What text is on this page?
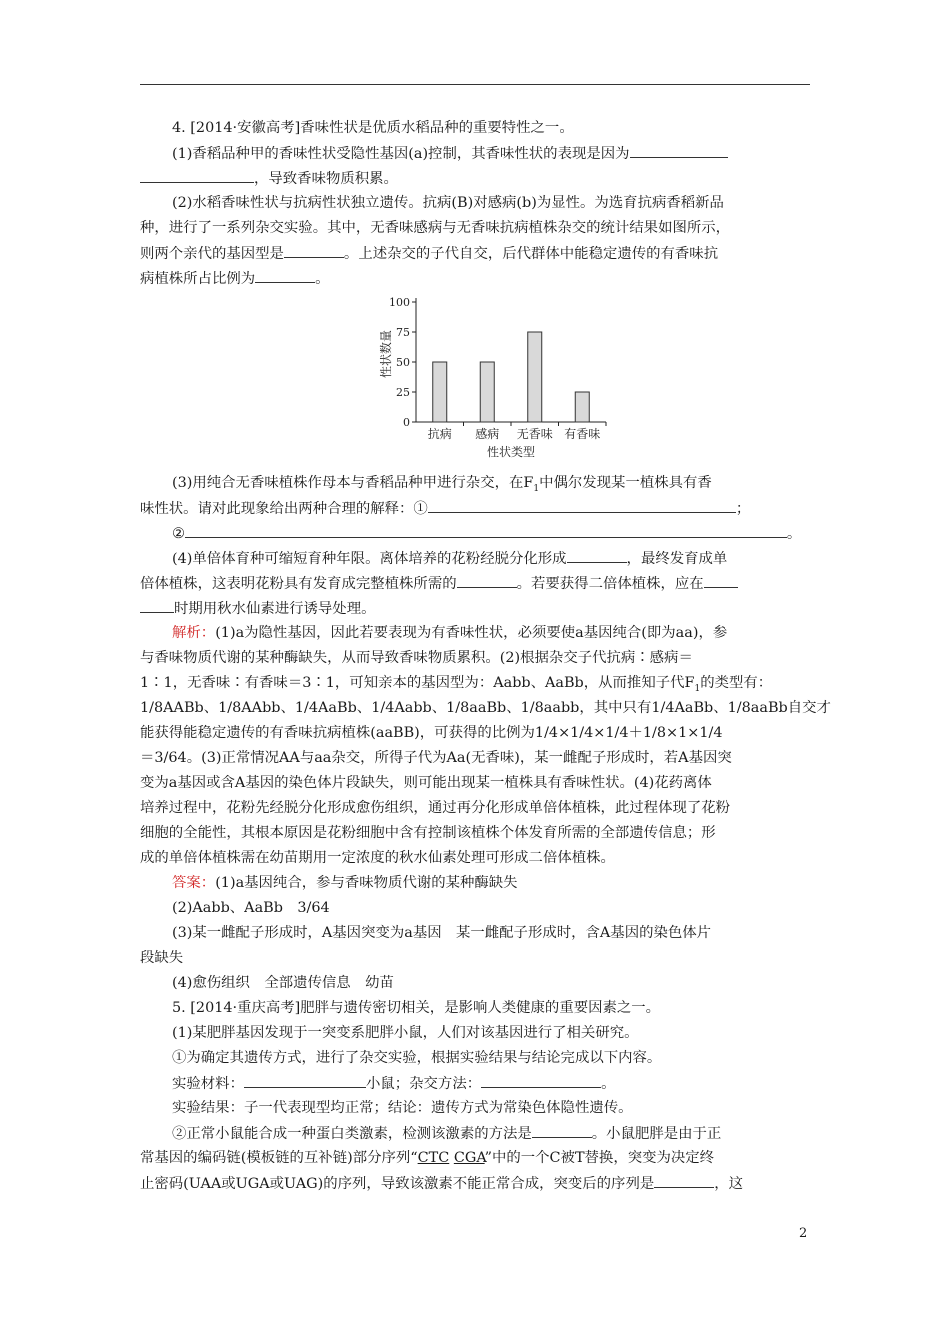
4. [2014·安徽高考]香味性状是优质水稻品种的重要特性之一。
(1)香稻品种甲的香味性状受隐性基因(a)控制，其香味性状的表现是因为
，导致香味物质积累。
(2)水稻香味性状与抗病性状独立遗传。抗病(B)对感病(b)为显性。为选育抗病香稻新品
种，进行了一系列杂交实验。其中，无香味感病与无香味抗病植株杂交的统计结果如图所示，
则两个亲代的基因型是	。上述杂交的子代自交，后代群体中能稳定遗传的有香味抗
病植株所占比例为	。
100
75
50
25
0
抗病 感病 无香味 有香味
性状类型
性状数量
(3)用纯合无香味植株作母本与香稻品种甲进行杂交，在$F_1$中偶尔发现某一植株具有香
味性状。请对此现象给出两种合理的解释：①	；
②	。
(4)单倍体育种可缩短育种年限。离体培养的花粉经脱分化形成	，最终发育成单
倍体植株，这表明花粉具有发育成完整植株所需的	。若要获得二倍体植株，应在
时期用秋水仙素进行诱导处理。
解析：(1)a为隐性基因，因此若要表现为有香味性状，必须要使a基因纯合(即为aa)，参
与香味物质代谢的某种酶缺失，从而导致香味物质累积。(2)根据杂交子代抗病∶感病＝
1∶1，无香味∶有香味＝3∶1，可知亲本的基因型为：Aabb、AaBb，从而推知子代$F_1$的类型有：
1/8AABb、1/8AAbb、1/4AaBb、1/4Aabb、1/8aaBb、1/8aabb，其中只有1/4AaBb、1/8aaBb自交才
能获得能稳定遗传的有香味抗病植株(aaBB)，可获得的比例为1/4×1/4×1/4＋1/8×1×1/4
＝3/64。(3)正常情况AA与aa杂交，所得子代为Aa(无香味)，某一雌配子形成时，若A基因突
变为a基因或含A基因的染色体片段缺失，则可能出现某一植株具有香味性状。(4)花药离体
培养过程中，花粉先经脱分化形成愈伤组织，通过再分化形成单倍体植株，此过程体现了花粉
细胞的全能性，其根本原因是花粉细胞中含有控制该植株个体发育所需的全部遗传信息；形
成的单倍体植株需在幼苗期用一定浓度的秋水仙素处理可形成二倍体植株。
答案：(1)a基因纯合，参与香味物质代谢的某种酶缺失
(2)Aabb、AaBb　3/64
(3)某一雌配子形成时，A基因突变为a基因　某一雌配子形成时，含A基因的染色体片
段缺失
(4)愈伤组织　全部遗传信息　幼苗
5. [2014·重庆高考]肥胖与遗传密切相关，是影响人类健康的重要因素之一。
(1)某肥胖基因发现于一突变系肥胖小鼠，人们对该基因进行了相关研究。
①为确定其遗传方式，进行了杂交实验，根据实验结果与结论完成以下内容。
实验材料：	小鼠；杂交方法：	。
实验结果：子一代表现型均正常；结论：遗传方式为常染色体隐性遗传。
②正常小鼠能合成一种蛋白类激素，检测该激素的方法是	。小鼠肥胖是由于正
常基因的编码链(模板链的互补链)部分序列“CTC CGA”中的一个C被T替换，突变为决定终
止密码(UAA或UGA或UAG)的序列，导致该激素不能正常合成，突变后的序列是	，这
2
